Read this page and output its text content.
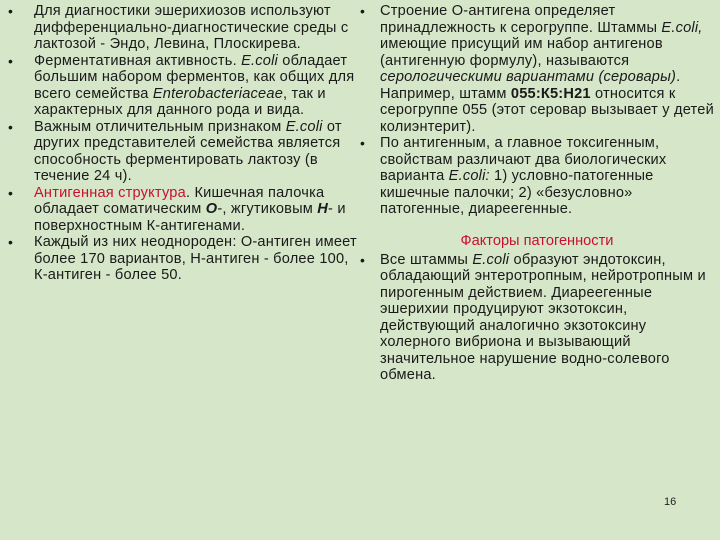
• Для диагностики эшерихиозов используют дифференциально-диагностические среды с лактозой - Эндо, Левина, Плоскирева.
• Ферментативная активность. E.coli обладает большим набором ферментов, как общих для всего семейства Enterobacteriaceae, так и характерных для данного рода и вида.
• Важным отличительным признаком E.coli от других представителей семейства является способность ферментировать лактозу (в течение 24 ч).
• Антигенная структура. Кишечная палочка обладает соматическим О-, жгутиковым Н- и поверхностным К-антигенами.
• Каждый из них неоднороден: О-антиген имеет более 170 вариантов, Н-антиген - более 100, К-антиген - более 50.
• Строение О-антигена определяет принадлежность к серогруппе. Штаммы E.coli, имеющие присущий им набор антигенов (антигенную формулу), называются серологическими вариантами (серовары). Например, штамм 055:К5:Н21 относится к серогруппе 055 (этот серовар вызывает у детей колиэнтерит).
• По антигенным, а главное токсигенным, свойствам различают два биологических варианта E.coli: 1) условно-патогенные кишечные палочки; 2) «безусловно» патогенные, диареегенные.
Факторы патогенности
• Все штаммы E.coli образуют эндотоксин, обладающий энтеротропным, нейротропным и пирогенным действием. Диареегенные эшерихии продуцируют экзотоксин, действующий аналогично экзотоксину холерного вибриона и вызывающий значительное нарушение водно-солевого обмена.
16
